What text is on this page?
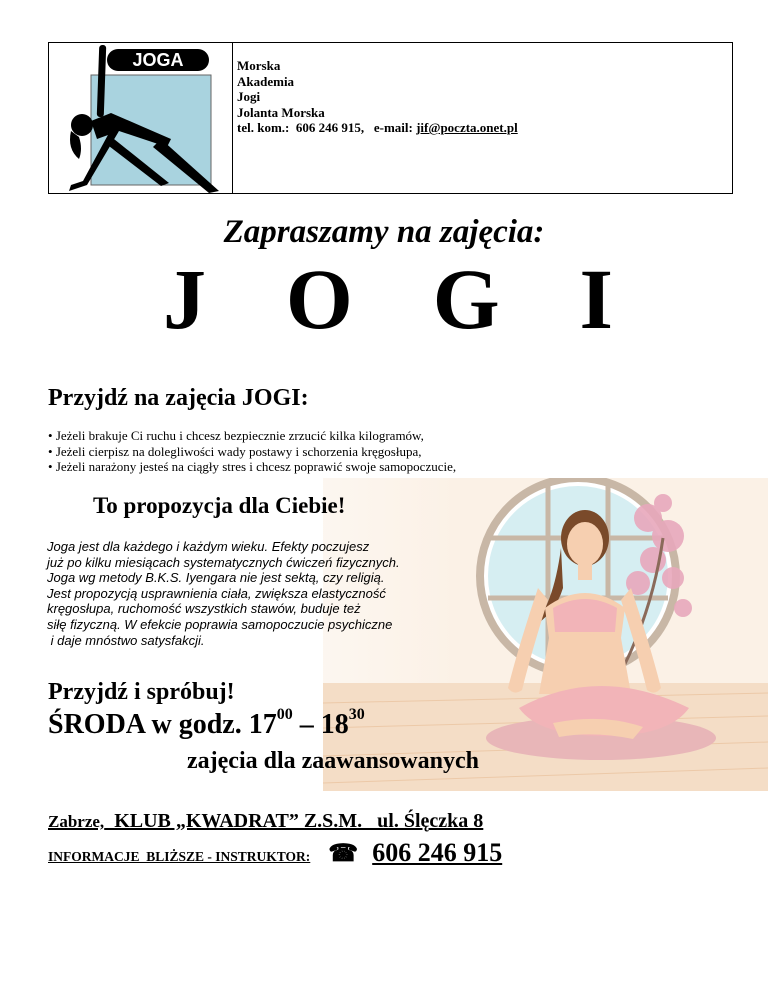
JOGA	Morska
Akademia
Jogi
Jolanta Morska
tel. kom.:  606 246 915,   e-mail: jif@poczta.onet.pl
Zapraszamy na zajęcia:
J O G I
Przyjdź na zajęcia JOGI:
• Jeżeli brakuje Ci ruchu i chcesz bezpiecznie zrzucić kilka kilogramów,
• Jeżeli cierpisz na dolegliwości wady postawy i schorzenia kręgosłupa,
• Jeżeli narażony jesteś na ciągły stres i chcesz poprawić swoje samopoczucie,
To propozycja dla Ciebie!
Joga jest dla każdego i każdym wieku. Efekty poczujesz
już po kilku miesiącach systematycznych ćwiczeń fizycznych.
Joga wg metody B.K.S. Iyengara nie jest sektą, czy religią.
Jest propozycją usprawnienia ciała, zwiększa elastyczność
kręgosłupa, ruchomość wszystkich stawów, buduje też
siłę fizyczną. W efekcie poprawia samopoczucie psychiczne
i daje mnóstwo satysfakcji.
Przyjdź i spróbuj!
ŚRODA w godz. $17^{00} - 18^{30}$
zajęcia dla zaawansowanych
Zabrze,  KLUB „KWADRAT” Z.S.M.   ul. Ślęczka 8
INFORMACJE  BLIŻSZE - INSTRUKTOR: ☎ 606 246 915
